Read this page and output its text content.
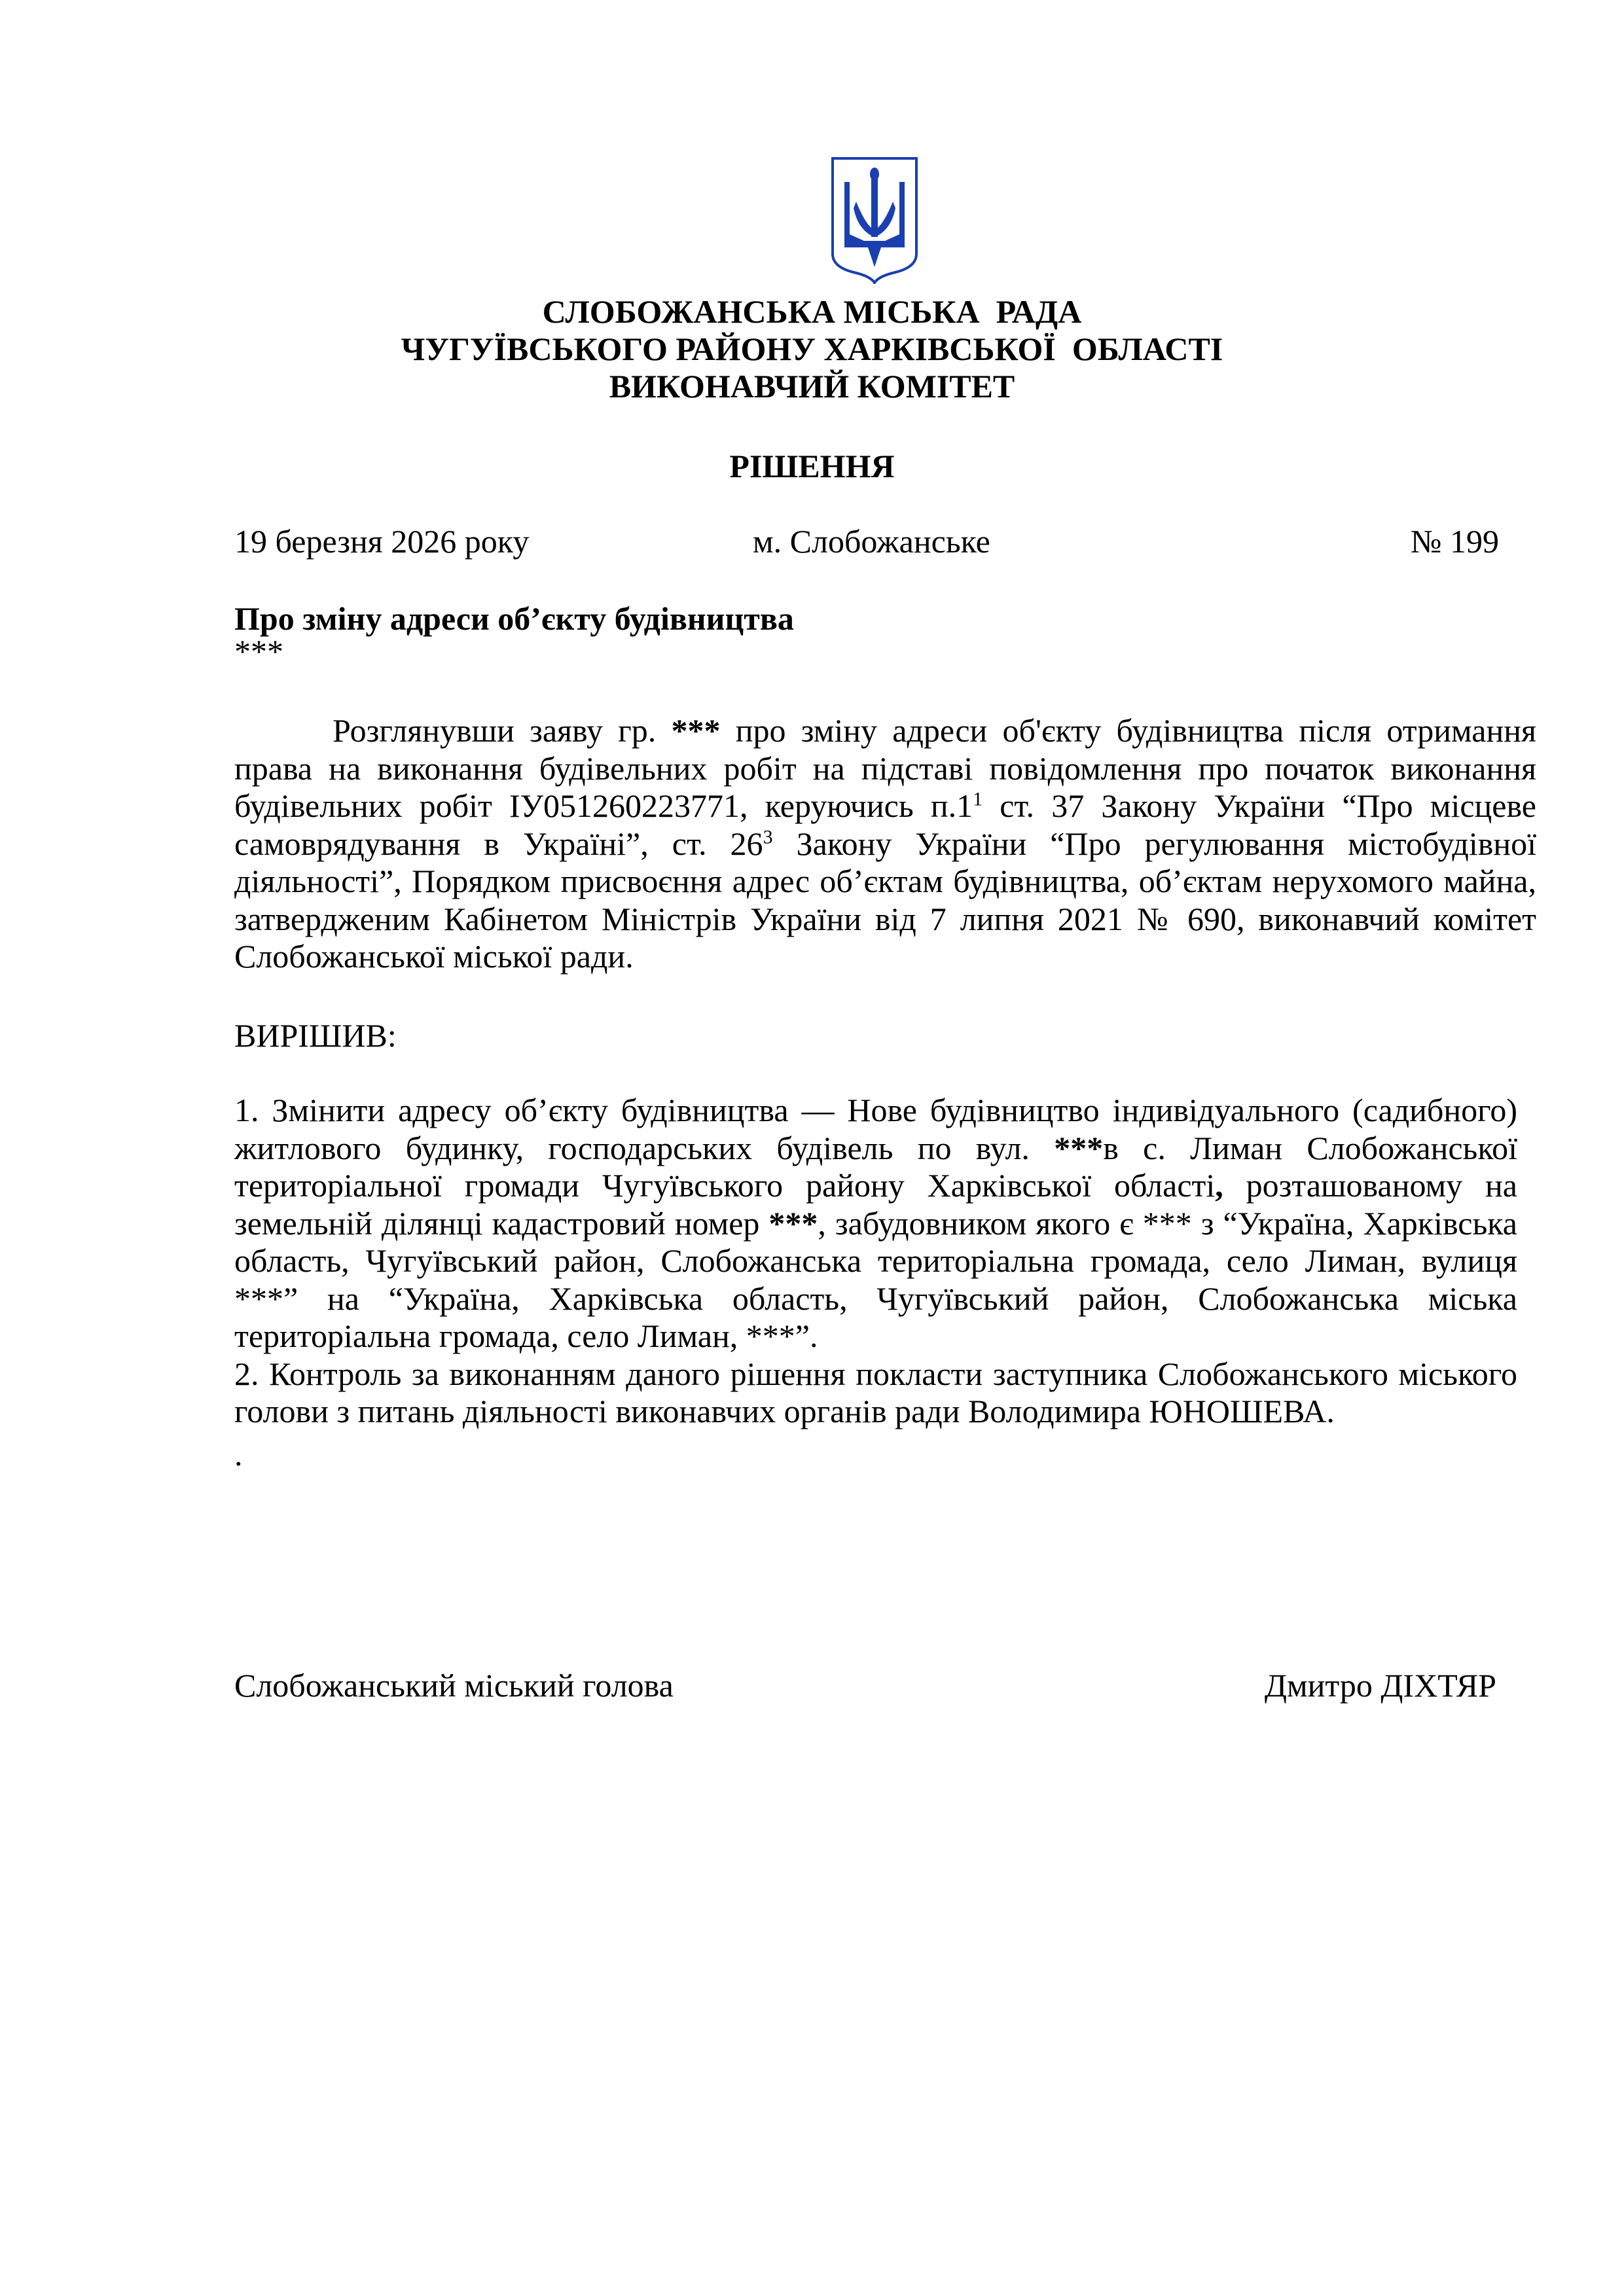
СЛОБОЖАНСЬКА МІСЬКА  РАДА
ЧУГУЇВСЬКОГО РАЙОНУ ХАРКІВСЬКОЇ  ОБЛАСТІ
ВИКОНАВЧИЙ КОМІТЕТ
РІШЕННЯ
19 березня 2026 року	м. Слобожанське	№ 199
Про зміну адреси об’єкту будівництва
***

Розглянувши заяву гр. *** про зміну адреси об'єкту будівництва після отримання права на виконання будівельних робіт на підставі повідомлення про початок виконання будівельних робіт ІУ051260223771, керуючись $п.1^1$ ст. 37 Закону України “Про місцеве самоврядування в Україні”, ст. $26^3$ Закону України “Про регулювання містобудівної діяльності”, Порядком присвоєння адрес об’єктам будівництва, об’єктам нерухомого майна, затвердженим Кабінетом Міністрів України від 7 липня 2021 № 690, виконавчий комітет Слобожанської міської ради.

ВИРІШИВ:

1. Змінити адресу об’єкту будівництва — Нове будівництво індивідуального (садибного) житлового будинку, господарських будівель по вул. ***в с. Лиман Слобожанської територіальної громади Чугуївського району Харківської області, розташованому на земельній ділянці кадастровий номер ***, забудовником якого є *** з “Україна, Харківська область, Чугуївський район, Слобожанська територіальна громада, село Лиман, вулиця ***” на “Україна, Харківська область, Чугуївський район, Слобожанська міська територіальна громада, село Лиман, ***”.

2. Контроль за виконанням даного рішення покласти заступника Слобожанського міського голови з питань діяльності виконавчих органів ради Володимира ЮНОШЕВА.

.

Слобожанський міський голова	Дмитро ДІХТЯР
